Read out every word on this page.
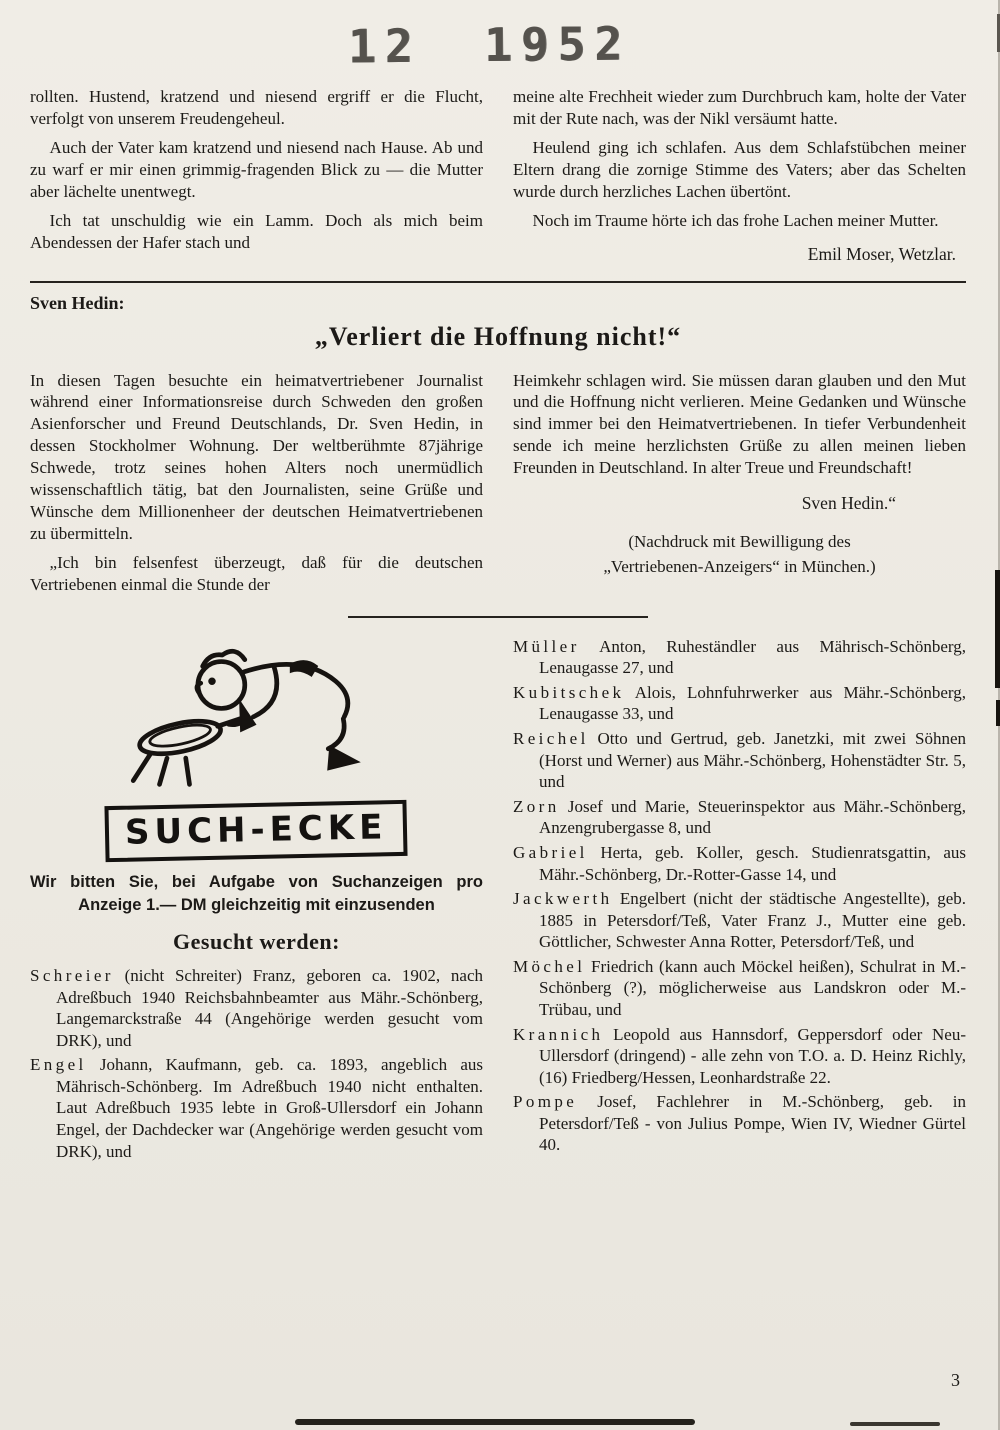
12 1952

rollten. Hustend, kratzend und niesend ergriff er die Flucht, verfolgt von unserem Freudengeheul.

Auch der Vater kam kratzend und niesend nach Hause. Ab und zu warf er mir einen grimmig-fragenden Blick zu — die Mutter aber lächelte unentwegt.

Ich tat unschuldig wie ein Lamm. Doch als mich beim Abendessen der Hafer stach und

meine alte Frechheit wieder zum Durchbruch kam, holte der Vater mit der Rute nach, was der Nikl versäumt hatte.

Heulend ging ich schlafen. Aus dem Schlafstübchen meiner Eltern drang die zornige Stimme des Vaters; aber das Schelten wurde durch herzliches Lachen übertönt.

Noch im Traume hörte ich das frohe Lachen meiner Mutter.

Emil Moser, Wetzlar.

Sven Hedin:
„Verliert die Hoffnung nicht!“

In diesen Tagen besuchte ein heimatvertriebener Journalist während einer Informationsreise durch Schweden den großen Asienforscher und Freund Deutschlands, Dr. Sven Hedin, in dessen Stockholmer Wohnung. Der weltberühmte 87jährige Schwede, trotz seines hohen Alters noch unermüdlich wissenschaftlich tätig, bat den Journalisten, seine Grüße und Wünsche dem Millionenheer der deutschen Heimatvertriebenen zu übermitteln.

„Ich bin felsenfest überzeugt, daß für die deutschen Vertriebenen einmal die Stunde der

Heimkehr schlagen wird. Sie müssen daran glauben und den Mut und die Hoffnung nicht verlieren. Meine Gedanken und Wünsche sind immer bei den Heimatvertriebenen. In tiefer Verbundenheit sende ich meine herzlichsten Grüße zu allen meinen lieben Freunden in Deutschland. In alter Treue und Freundschaft!

Sven Hedin.“

(Nachdruck mit Bewilligung des
„Vertriebenen-Anzeigers“ in München.)

SUCH-ECKE

Wir bitten Sie, bei Aufgabe von Suchanzeigen pro Anzeige 1.— DM gleichzeitig mit einzusenden

Gesucht werden:

Schreier (nicht Schreiter) Franz, geboren ca. 1902, nach Adreßbuch 1940 Reichsbahnbeamter aus Mähr.-Schönberg, Langemarckstraße 44 (Angehörige werden gesucht vom DRK), und

Engel Johann, Kaufmann, geb. ca. 1893, angeblich aus Mährisch-Schönberg. Im Adreßbuch 1940 nicht enthalten. Laut Adreßbuch 1935 lebte in Groß-Ullersdorf ein Johann Engel, der Dachdecker war (Angehörige werden gesucht vom DRK), und

Müller Anton, Ruheständler aus Mährisch-Schönberg, Lenaugasse 27, und

Kubitschek Alois, Lohnfuhrwerker aus Mähr.-Schönberg, Lenaugasse 33, und

Reichel Otto und Gertrud, geb. Janetzki, mit zwei Söhnen (Horst und Werner) aus Mähr.-Schönberg, Hohenstädter Str. 5, und

Zorn Josef und Marie, Steuerinspektor aus Mähr.-Schönberg, Anzengrubergasse 8, und

Gabriel Herta, geb. Koller, gesch. Studienratsgattin, aus Mähr.-Schönberg, Dr.-Rotter-Gasse 14, und

Jackwerth Engelbert (nicht der städtische Angestellte), geb. 1885 in Petersdorf/Teß, Vater Franz J., Mutter eine geb. Göttlicher, Schwester Anna Rotter, Petersdorf/Teß, und

Möchel Friedrich (kann auch Möckel heißen), Schulrat in M.-Schönberg (?), möglicherweise aus Landskron oder M.-Trübau, und

Krannich Leopold aus Hannsdorf, Geppersdorf oder Neu-Ullersdorf (dringend) - alle zehn von T.O. a. D. Heinz Richly, (16) Friedberg/Hessen, Leonhardstraße 22.

Pompe Josef, Fachlehrer in M.-Schönberg, geb. in Petersdorf/Teß - von Julius Pompe, Wien IV, Wiedner Gürtel 40.

3
